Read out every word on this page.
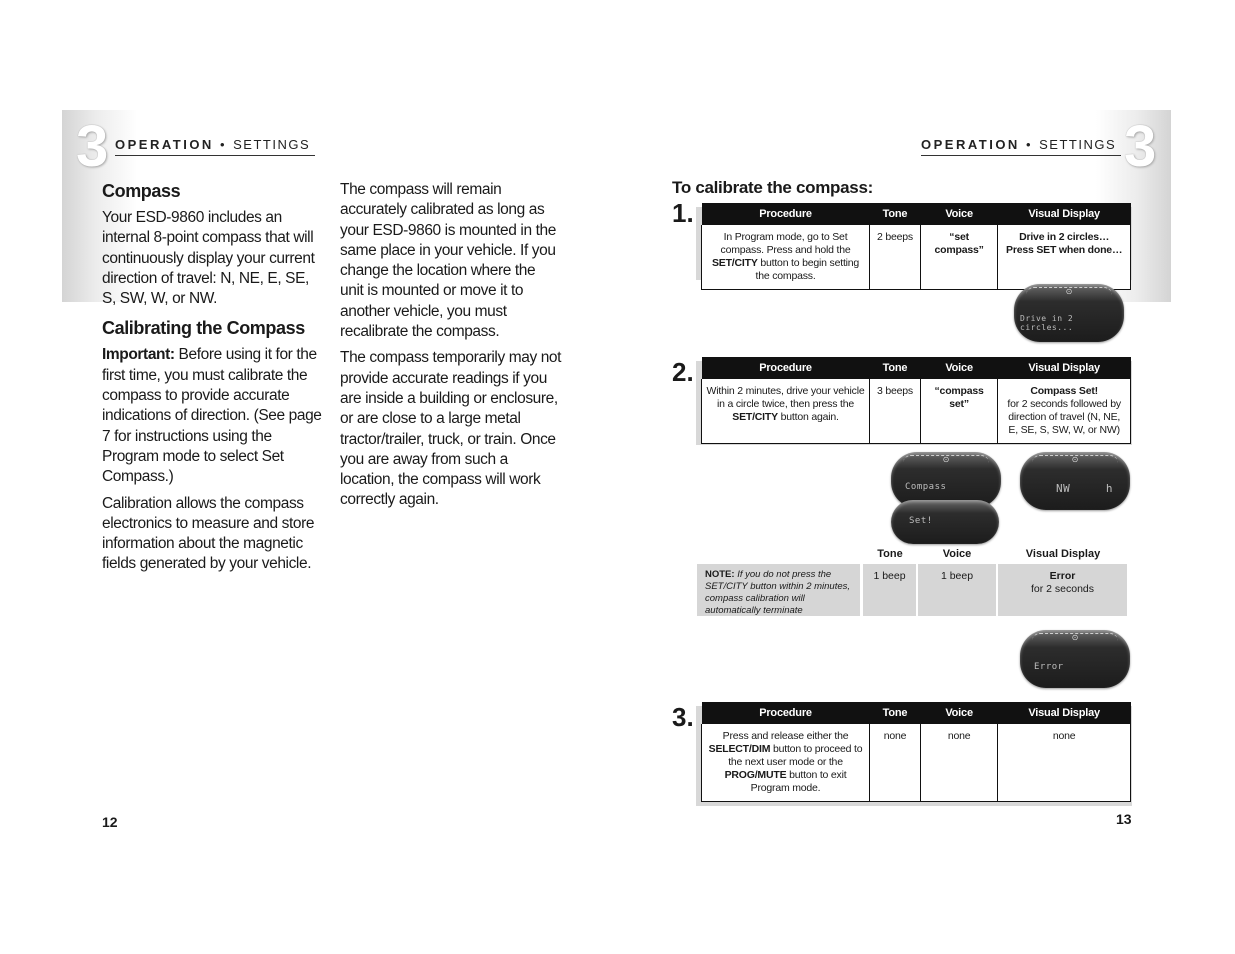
3 OPERATION • SETTINGS
Compass

Your ESD-9860 includes an internal 8-point compass that will continuously display your current direction of travel: N, NE, E, SE, S, SW, W, or NW.

Calibrating the Compass

Important: Before using it for the first time, you must calibrate the compass to provide accurate indications of direction. (See page 7 for instructions using the Program mode to select Set Compass.)

Calibration allows the compass electronics to measure and store information about the magnetic fields generated by your vehicle.

The compass will remain accurately calibrated as long as your ESD-9860 is mounted in the same place in your vehicle. If you change the location where the unit is mounted or move it to another vehicle, you must recalibrate the compass.

The compass temporarily may not provide accurate readings if you are inside a building or enclosure, or are close to a large metal tractor/trailer, truck, or train. Once you are away from such a location, the compass will work correctly again.

12
3
OPERATION • SETTINGS
To calibrate the compass:
1.	Procedure	Tone	Voice	Visual Display
In Program mode, go to Set compass. Press and hold the SET/CITY button to begin setting the compass.	2 beeps	“set compass”	Drive in 2 circles…
Press SET when done…
⊙
Drive in 2 circles...
2.	Procedure	Tone	Voice	Visual Display
Within 2 minutes, drive your vehicle in a circle twice, then press the SET/CITY button again.	3 beeps	“compass set”	Compass Set!
for 2 seconds followed by direction of travel (N, NE, E, SE, S, SW, W, or NW)
⊙
Compass
Set!
⊙
NW     h
Tone	Voice	Visual Display
NOTE: If you do not press the SET/CITY button within 2 minutes, compass calibration will automatically terminate
1 beep	1 beep	Error
for 2 seconds
⊙
Error
3.	Procedure	Tone	Voice	Visual Display
Press and release either the SELECT/DIM button to proceed to the next user mode or the PROG/MUTE button to exit Program mode.	none	none	none
13
